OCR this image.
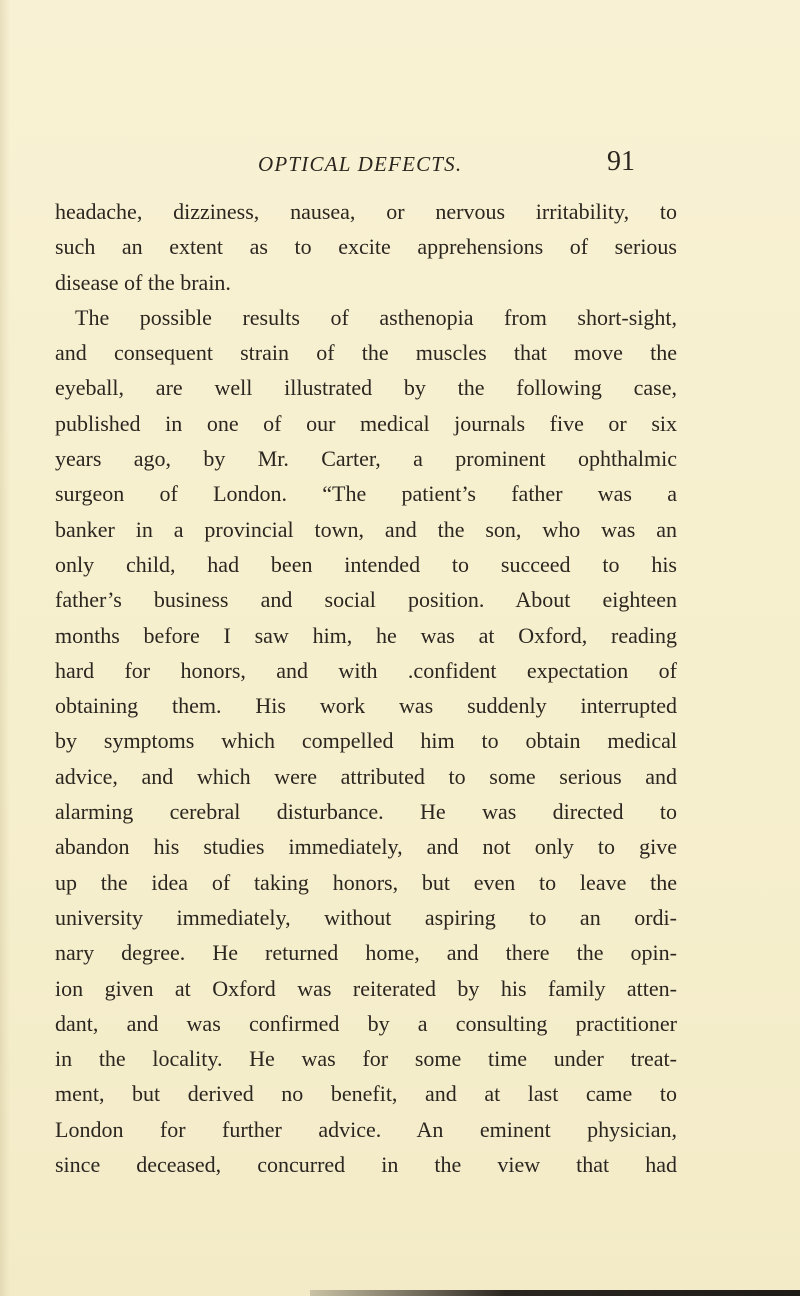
OPTICAL DEFECTS.	91
headache, dizziness, nausea, or nervous irritability, to
such an extent as to excite apprehensions of serious
disease of the brain.
The possible results of asthenopia from short-sight,
and consequent strain of the muscles that move the
eyeball, are well illustrated by the following case,
published in one of our medical journals five or six
years ago, by Mr. Carter, a prominent ophthalmic
surgeon of London. “The patient’s father was a
banker in a provincial town, and the son, who was an
only child, had been intended to succeed to his
father’s business and social position. About eighteen
months before I saw him, he was at Oxford, reading
hard for honors, and with .confident expectation of
obtaining them. His work was suddenly interrupted
by symptoms which compelled him to obtain medical
advice, and which were attributed to some serious and
alarming cerebral disturbance. He was directed to
abandon his studies immediately, and not only to give
up the idea of taking honors, but even to leave the
university immediately, without aspiring to an ordi-
nary degree. He returned home, and there the opin-
ion given at Oxford was reiterated by his family atten-
dant, and was confirmed by a consulting practitioner
in the locality. He was for some time under treat-
ment, but derived no benefit, and at last came to
London for further advice. An eminent physician,
since deceased, concurred in the view that had
